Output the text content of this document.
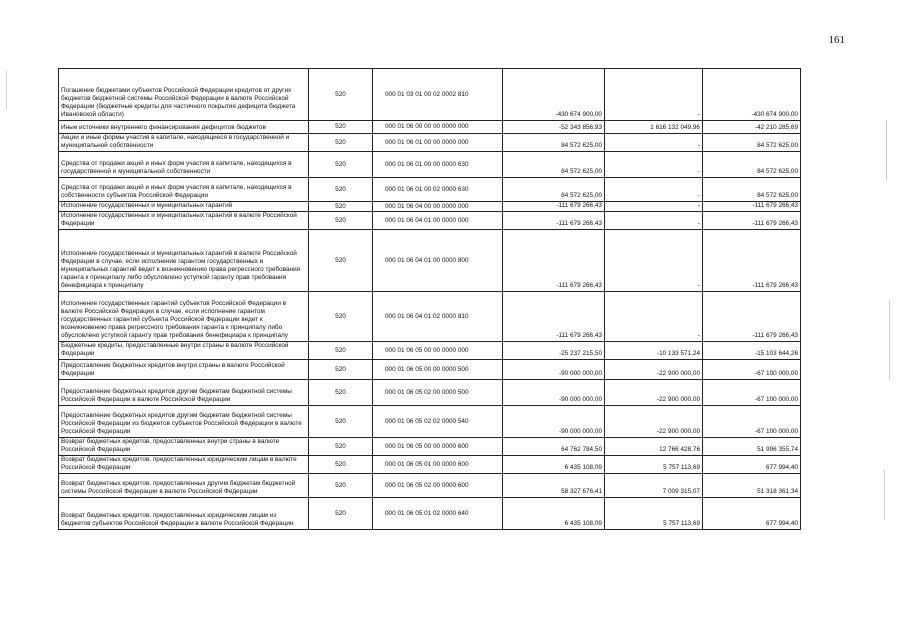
161
Погашение бюджетами субъектов Российской Федерации кредитов от других бюджетов бюджетной системы Российской Федерации в валюте Российской Федерации (бюджетные кредиты для частичного покрытия дефицита бюджета Ивановской области)	520	000 01 03 01 00 02 0002 810	-430 674 900,00	-	-430 674 900,00
Иные источники внутреннего финансирования дефицитов бюджетов	520	000 01 06 00 00 00 0000 000	-52 343 856,93	1 616 132 049,96	-42 210 285,69
Акции и иные формы участия в капитале, находящиеся в государственной и муниципальной собственности	520	000 01 06 01 00 00 0000 000	84 572 625,00	-	84 572 625,00
Средства от продажи акций и иных форм участия в капитале, находящихся в государственной и муниципальной собственности	520	000 01 06 01 00 00 0000 630	84 572 625,00	-	84 572 625,00
Средства от продажи акций и иных форм участия в капитале, находящихся в собственности субъектов Российской Федерации	520	000 01 06 01 00 02 0000 630	84 572 625,00	-	84 572 625,00
Исполнение государственных и муниципальных гарантий	520	000 01 06 04 00 00 0000 000	-111 679 266,43	-	-111 679 266,43
Исполнение государственных и муниципальных гарантий в валюте Российской Федерации	520	000 01 06 04 01 00 0000 000	-111 679 266,43	-	-111 679 266,43
Исполнение государственных и муниципальных гарантий в валюте Российской Федерации в случае, если исполнение гарантом государственных и муниципальных гарантий ведет к возникновению права регрессного требования гаранта к принципалу либо обусловлено уступкой гаранту прав требования бенефициара к принципалу	520	000 01 06 04 01 00 0000 800	-111 679 266,43	-	-111 679 266,43
Исполнение государственных гарантий субъектов Российской Федерации в валюте Российской Федерации в случае, если исполнение гарантом государственных гарантий субъекта Российской Федерации ведет к возникновению права регрессного требования гаранта к принципалу либо обусловлено уступкой гаранту прав требования бенефициара к принципалу	520	000 01 06 04 01 02 0000 810	-111 679 266,43	-	-111 679 266,43
Бюджетные кредиты, предоставленные внутри страны в валюте Российской Федерации	520	000 01 06 05 00 00 0000 000	-25 237 215,50	-10 133 571,24	-15 103 644,26
Предоставление бюджетных кредитов внутри страны в валюте Российской Федерации	520	000 01 06 05 00 00 0000 500	-90 000 000,00	-22 900 000,00	-67 100 000,00
Предоставление бюджетных кредитов другим бюджетам бюджетной системы Российской Федерации в валюте Российской Федерации	520	000 01 06 05 02 00 0000 500	-90 000 000,00	-22 900 000,00	-67 100 000,00
Предоставление бюджетных кредитов другим бюджетам бюджетной системы Российской Федерации из бюджетов субъектов Российской Федерации в валюте Российской Федерации	520	000 01 06 05 02 02 0000 540	-90 000 000,00	-22 900 000,00	-67 100 000,00
Возврат бюджетных кредитов, предоставленных внутри страны в валюте Российской Федерации	520	000 01 06 05 00 00 0000 600	64 762 784,50	12 766 428,76	51 996 355,74
Возврат бюджетных кредитов, предоставленных юридическим лицам в валюте Российской Федерации	520	000 01 06 05 01 00 0000 600	6 435 108,09	5 757 113,69	677 994,40
Возврат бюджетных кредитов, предоставленных другим бюджетам бюджетной системы Российской Федерации в валюте Российской Федерации	520	000 01 06 05 02 00 0000 600	58 327 676,41	7 009 315,07	51 318 361,34
Возврат бюджетных кредитов, предоставленных юридическим лицам из бюджетов субъектов Российской Федерации в валюте Российской Федерации	520	000 01 06 05 01 02 0000 640	6 435 108,09	5 757 113,69	677 994,40
